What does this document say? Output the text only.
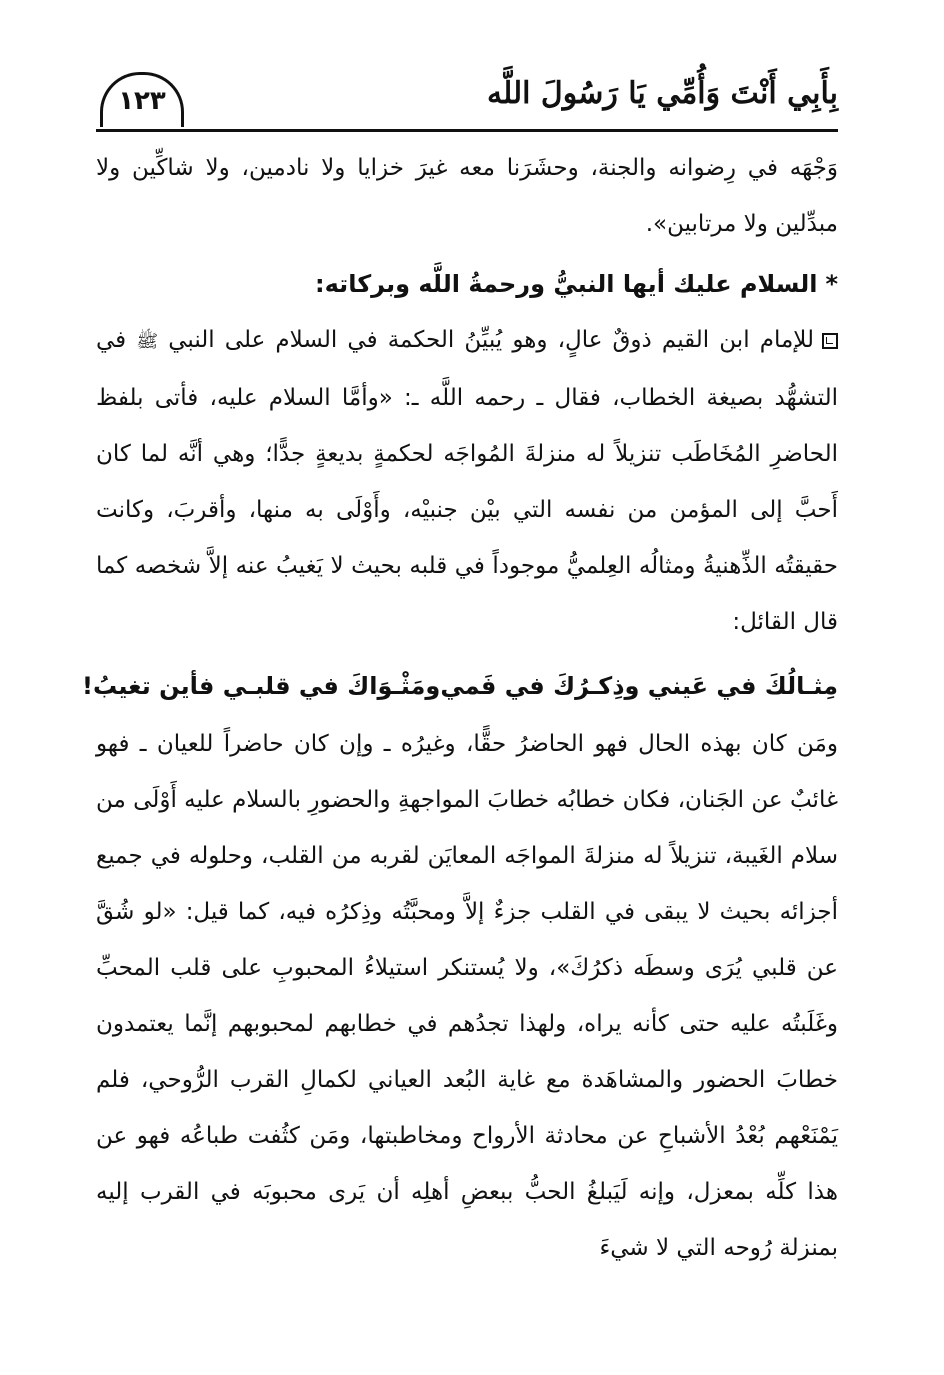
بِأَبِي أَنْتَ وَأُمِّي يَا رَسُولَ اللَّه
١٢٣

وَجْهَه في رِضوانه والجنة، وحشَرَنا معه غيرَ خزايا ولا نادمين، ولا شاكِّين ولا مبدِّلين ولا مرتابين».

*السلام عليك أيها النبيُّ ورحمةُ اللَّه وبركاته:

للإمام ابن القيم ذوقٌ عالٍ، وهو يُبيِّنُ الحكمة في السلام على النبي ﷺ في التشهُّد بصيغة الخطاب، فقال ـ رحمه اللَّه ـ: «وأمَّا السلام عليه، فأتى بلفظ الحاضرِ المُخَاطَب تنزيلاً له منزلةَ المُواجَه لحكمةٍ بديعةٍ جدًّا؛ وهي أنَّه لما كان أَحبَّ إلى المؤمن من نفسه التي بيْن جنبيْه، وأَوْلَى به منها، وأقربَ، وكانت حقيقتُه الذِّهنيةُ ومثالُه العِلميُّ موجوداً في قلبه بحيث لا يَغيبُ عنه إلاَّ شخصه كما قال القائل:

مِثـالُكَ في عَيني وذِكـرُكَ في فَمي
ومَثْـوَاكَ في قلبـي فأين تغيبُ!

ومَن كان بهذه الحال فهو الحاضرُ حقًّا، وغيرُه ـ وإن كان حاضراً للعيان ـ فهو غائبٌ عن الجَنان، فكان خطابُه خطابَ المواجهةِ والحضورِ بالسلام عليه أَوْلَى من سلام الغَيبة، تنزيلاً له منزلةَ المواجَه المعايَن لقربه من القلب، وحلوله في جميع أجزائه بحيث لا يبقى في القلب جزءٌ إلاَّ ومحبَّتُه وذِكرُه فيه، كما قيل: «لو شُقَّ عن قلبي يُرَى وسطَه ذكرُكَ»، ولا يُستنكر استيلاءُ المحبوبِ على قلب المحبِّ وغَلَبتُه عليه حتى كأنه يراه، ولهذا تجدُهم في خطابهم لمحبوبهم إنَّما يعتمدون خطابَ الحضور والمشاهَدة مع غاية البُعد العياني لكمالِ القرب الرُّوحي، فلم يَمْنَعْهم بُعْدُ الأشباحِ عن محادثة الأرواح ومخاطبتها، ومَن كثُفت طباعُه فهو عن هذا كلِّه بمعزل، وإنه لَيَبلغُ الحبُّ ببعضِ أهلِه أن يَرى محبوبَه في القرب إليه بمنزلة رُوحه التي لا شيءَ
